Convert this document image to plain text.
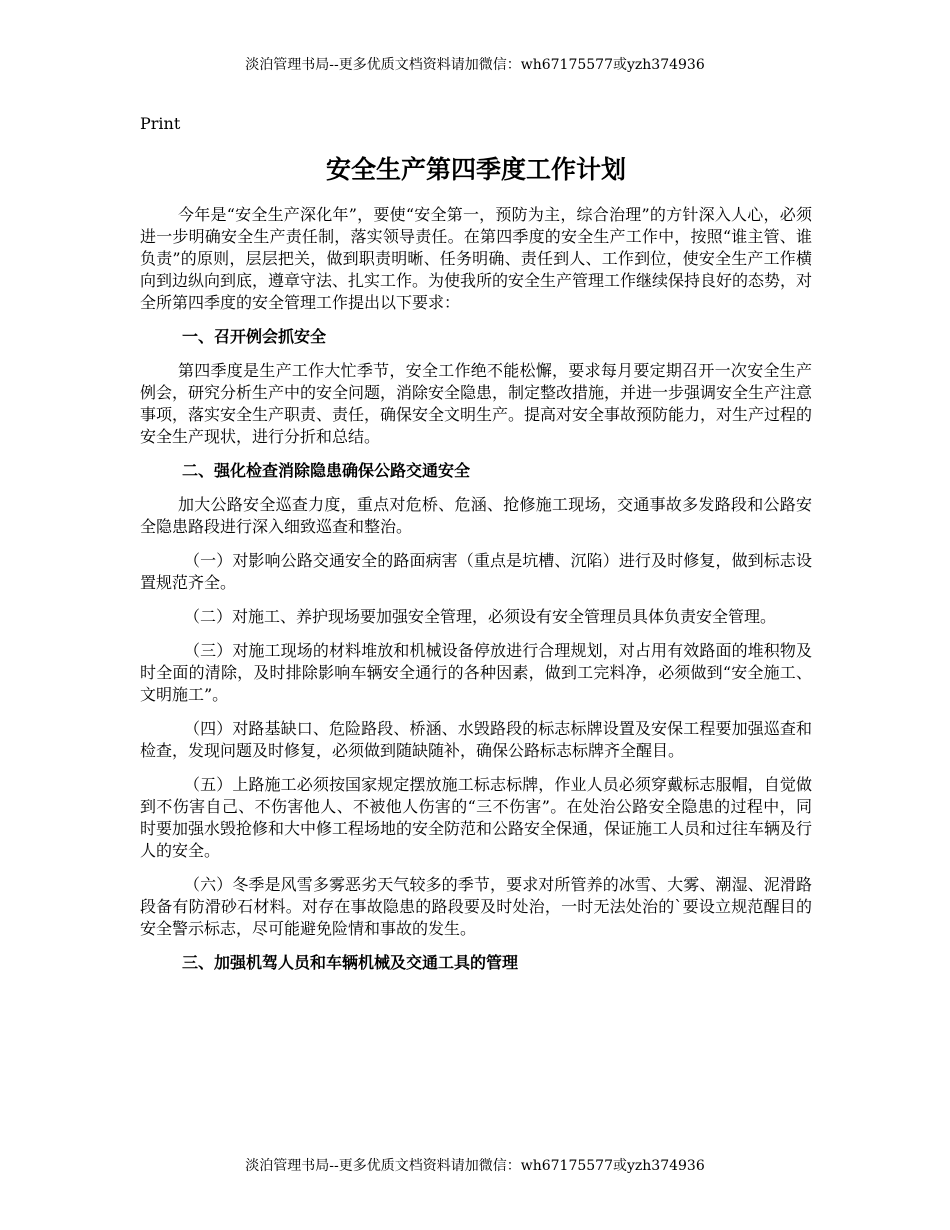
淡泊管理书局--更多优质文档资料请加微信：wh67175577或yzh374936
Print
安全生产第四季度工作计划

今年是“安全生产深化年”，要使“安全第一，预防为主，综合治理”的方针深入人心，必须进一步明确安全生产责任制，落实领导责任。在第四季度的安全生产工作中，按照“谁主管、谁负责”的原则，层层把关，做到职责明晰、任务明确、责任到人、工作到位，使安全生产工作横向到边纵向到底，遵章守法、扎实工作。为使我所的安全生产管理工作继续保持良好的态势，对全所第四季度的安全管理工作提出以下要求：

一、召开例会抓安全

第四季度是生产工作大忙季节，安全工作绝不能松懈，要求每月要定期召开一次安全生产例会，研究分析生产中的安全问题，消除安全隐患，制定整改措施，并进一步强调安全生产注意事项，落实安全生产职责、责任，确保安全文明生产。提高对安全事故预防能力，对生产过程的安全生产现状，进行分折和总结。

二、强化检查消除隐患确保公路交通安全

加大公路安全巡查力度，重点对危桥、危涵、抢修施工现场，交通事故多发路段和公路安全隐患路段进行深入细致巡查和整治。

（一）对影响公路交通安全的路面病害（重点是坑槽、沉陷）进行及时修复，做到标志设置规范齐全。

（二）对施工、养护现场要加强安全管理，必须设有安全管理员具体负责安全管理。

（三）对施工现场的材料堆放和机械设备停放进行合理规划，对占用有效路面的堆积物及时全面的清除，及时排除影响车辆安全通行的各种因素，做到工完料净，必须做到“安全施工、文明施工”。

（四）对路基缺口、危险路段、桥涵、水毁路段的标志标牌设置及安保工程要加强巡查和检查，发现问题及时修复，必须做到随缺随补，确保公路标志标牌齐全醒目。

（五）上路施工必须按国家规定摆放施工标志标牌，作业人员必须穿戴标志服帽，自觉做到不伤害自己、不伤害他人、不被他人伤害的“三不伤害”。在处治公路安全隐患的过程中，同时要加强水毁抢修和大中修工程场地的安全防范和公路安全保通，保证施工人员和过往车辆及行人的安全。

（六）冬季是风雪多雾恶劣天气较多的季节，要求对所管养的冰雪、大雾、潮湿、泥滑路段备有防滑砂石材料。对存在事故隐患的路段要及时处治，一时无法处治的`要设立规范醒目的安全警示标志，尽可能避免险情和事故的发生。

三、加强机驾人员和车辆机械及交通工具的管理

淡泊管理书局--更多优质文档资料请加微信：wh67175577或yzh374936
